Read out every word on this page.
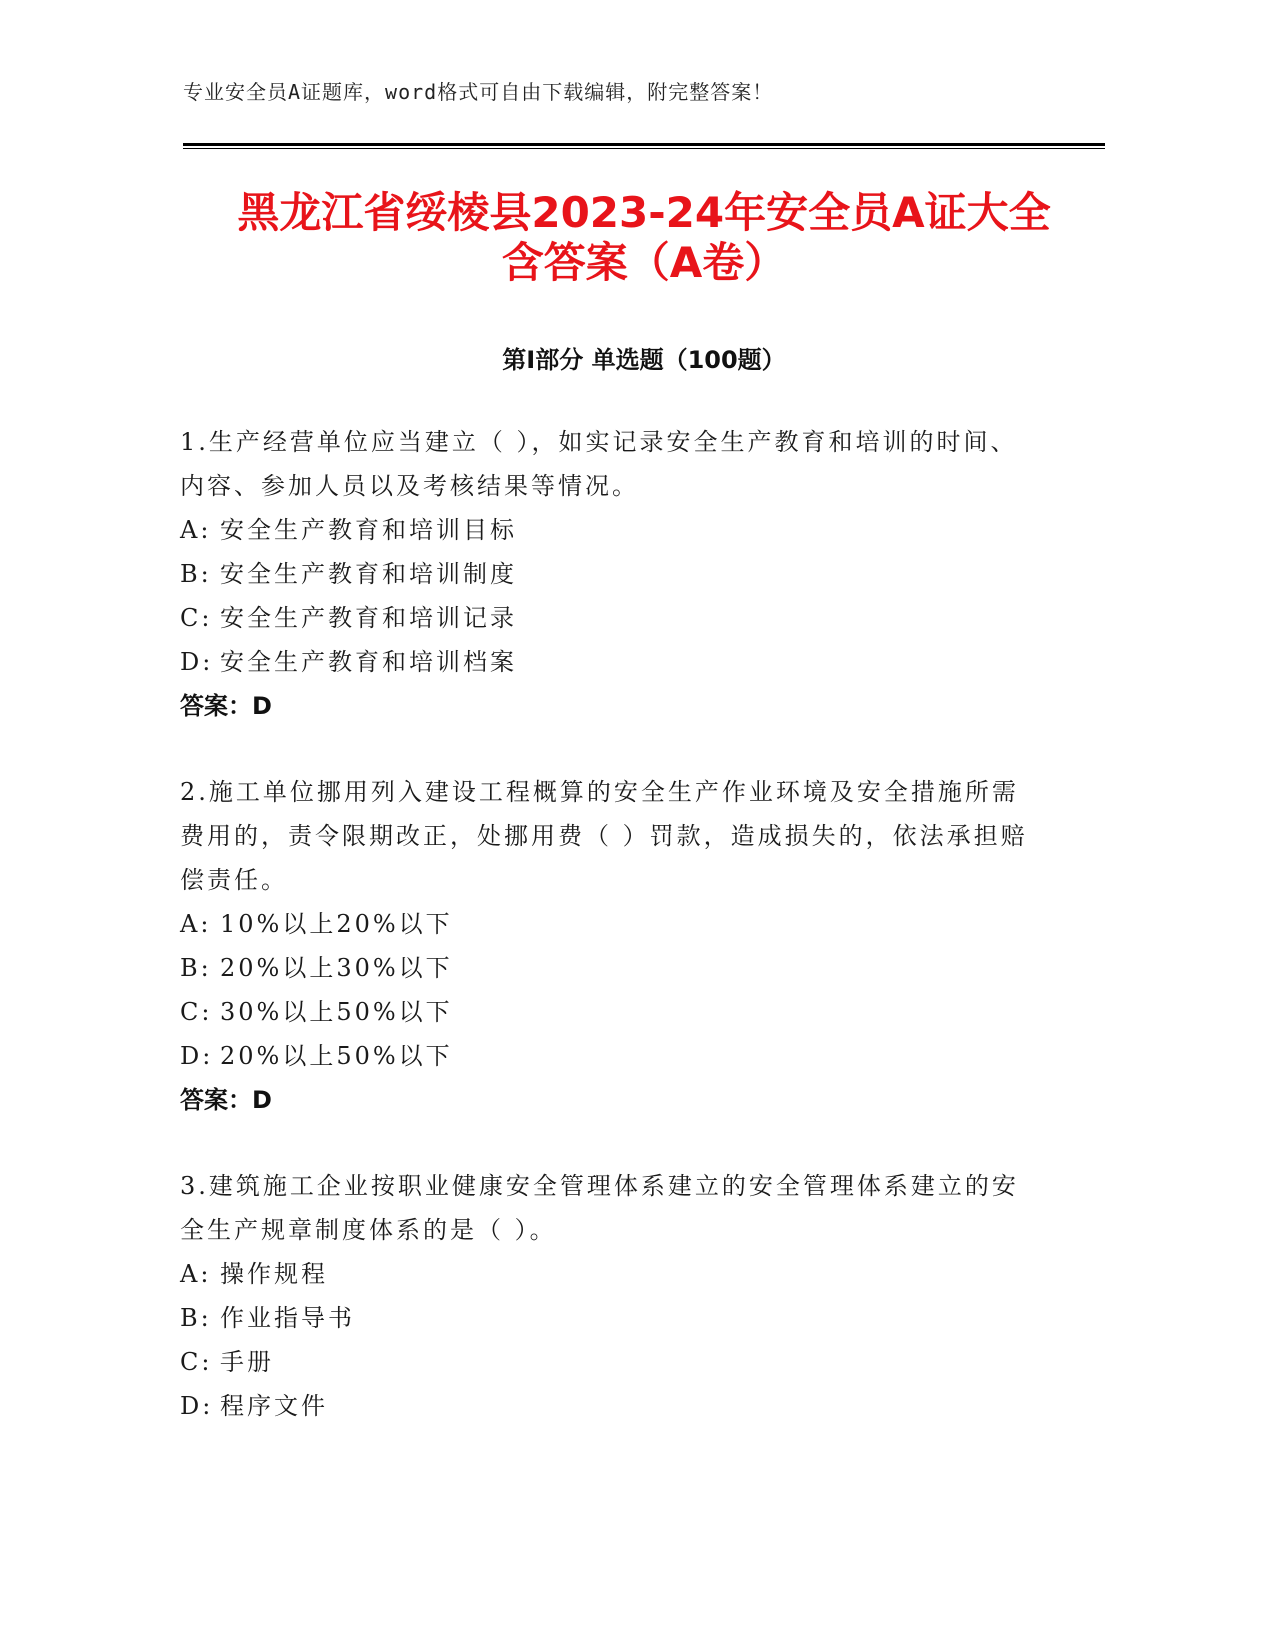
专业安全员A证题库，word格式可自由下载编辑，附完整答案！
黑龙江省绥棱县2023-24年安全员A证大全
含答案（A卷）
第Ⅰ部分 单选题（100题）
1.生产经营单位应当建立（ ），如实记录安全生产教育和培训的时间、内容、参加人员以及考核结果等情况。
A: 安全生产教育和培训目标
B: 安全生产教育和培训制度
C: 安全生产教育和培训记录
D: 安全生产教育和培训档案
答案：D
2.施工单位挪用列入建设工程概算的安全生产作业环境及安全措施所需费用的，责令限期改正，处挪用费（ ）罚款，造成损失的，依法承担赔偿责任。
A: 10%以上20%以下
B: 20%以上30%以下
C: 30%以上50%以下
D: 20%以上50%以下
答案：D
3.建筑施工企业按职业健康安全管理体系建立的安全管理体系建立的安全生产规章制度体系的是（ ）。
A: 操作规程
B: 作业指导书
C: 手册
D: 程序文件
